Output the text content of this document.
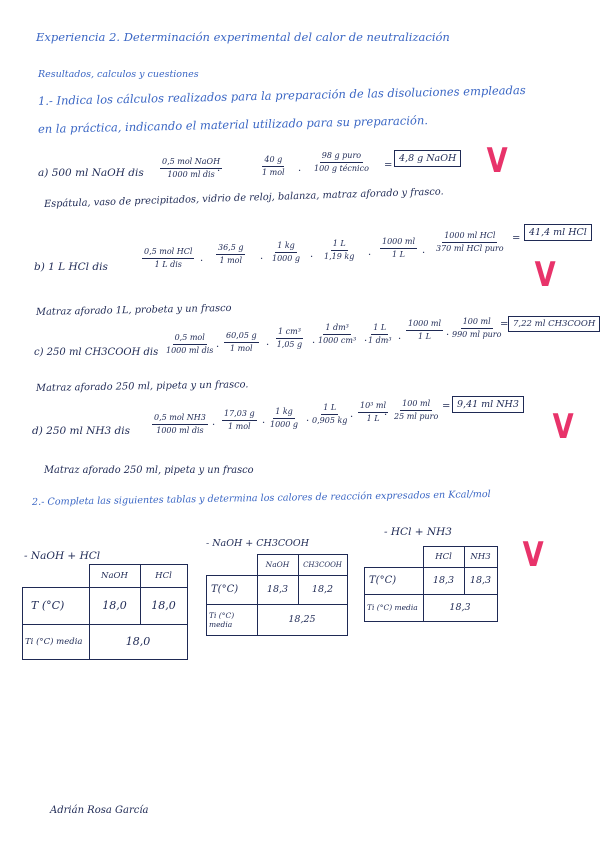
Experiencia 2. Determinación experimental del calor de neutralización
Resultados, calculos y cuestiones
1.- Indica los cálculos realizados para la preparación de las disoluciones empleadas
en la práctica, indicando el material utilizado para su preparación.
a) 500 ml NaOH dis
0,5 mol NaOH
1000 ml dis ·
40 g
1 mol ·
98 g puro
100 g técnico =
4,8 g NaOH V
Espátula, vaso de precipitados, vidrio de reloj, balanza, matraz aforado y frasco.
b) 1 L HCl dis
0,5 mol HCl
1 L dis ·
36,5 g
1 mol · $\frac{1 kg}{1000 g} \cdot \frac{1 L}{1,19 kg} \cdot \frac{1000 ml}{1 L}$ ·
1000 ml HCl
370 ml HCl puro
=
41,4 ml HCl
V
Matraz aforado 1L, probeta y un frasco
c) 250 ml CH3COOH dis
0,5 mol
1000 ml dis ·
60,05 g
1 mol · $\frac{\text{1 cm³}}{1,05 g} \cdot \frac{\text{1 dm³}}{\text{1000 cm³}} \cdot \frac{1 L}{\text{1 dm³}} \cdot \frac{1000 ml}{1 L}$ ·
100 ml
990 ml puro
= 7,22 ml CH3COOH
Matraz aforado 250 ml, pipeta y un frasco.
d) 250 ml NH3 dis
0,5 mol NH3
1000 ml dis ·
17,03 g
1 mol · $\frac{1 kg}{1000 g} \cdot \frac{1 L}{0,905 kg} \cdot \frac{\text{10³ ml}}{1 L}$
·
100 ml
25 ml puro
= 9,41 ml NH3
V
Matraz aforado 250 ml, pipeta y un frasco
2.- Completa las siguientes tablas y determina los calores de reacción expresados en Kcal/mol
- NaOH + HCl
	NaOH	HCl
T (°C)	18,0	18,0
Ti (°C) media	18,0	
- NaOH + CH3COOH
	NaOH	CH3COOH
T(°C)	18,3	18,2
Ti (°C) media	18,25	
- HCl + NH3
	HCl	NH3
T(°C)	18,3	18,3
Ti (°C) media	18,3	
V
Adrián Rosa García
